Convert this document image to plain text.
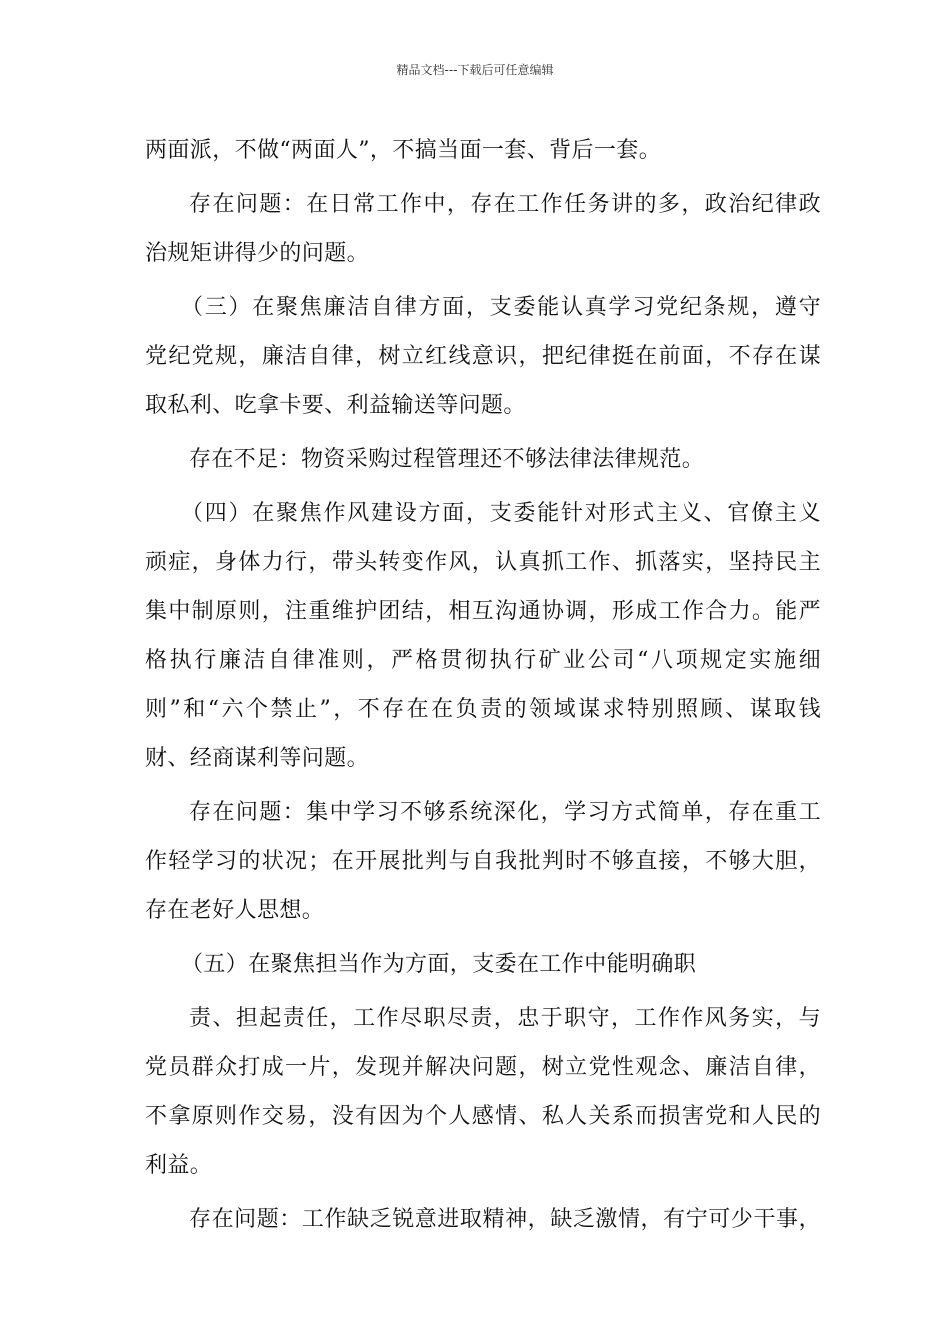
精品文档---下载后可任意编辑
两面派，不做“两面人”，不搞当面一套、背后一套。
存在问题：在日常工作中，存在工作任务讲的多，政治纪律政
治规矩讲得少的问题。
（三）在聚焦廉洁自律方面，支委能认真学习党纪条规，遵守
党纪党规，廉洁自律，树立红线意识，把纪律挺在前面，不存在谋
取私利、吃拿卡要、利益输送等问题。
存在不足：物资采购过程管理还不够法律法律规范。
（四）在聚焦作风建设方面，支委能针对形式主义、官僚主义
顽症，身体力行，带头转变作风，认真抓工作、抓落实，坚持民主
集中制原则，注重维护团结，相互沟通协调，形成工作合力。能严
格执行廉洁自律准则，严格贯彻执行矿业公司“八项规定实施细
则”和“六个禁止”，不存在在负责的领域谋求特别照顾、谋取钱
财、经商谋利等问题。
存在问题：集中学习不够系统深化，学习方式简单，存在重工
作轻学习的状况；在开展批判与自我批判时不够直接，不够大胆，
存在老好人思想。
（五）在聚焦担当作为方面，支委在工作中能明确职
责、担起责任，工作尽职尽责，忠于职守，工作作风务实，与
党员群众打成一片，发现并解决问题，树立党性观念、廉洁自律，
不拿原则作交易，没有因为个人感情、私人关系而损害党和人民的
利益。
存在问题：工作缺乏锐意进取精神，缺乏激情，有宁可少干事，
